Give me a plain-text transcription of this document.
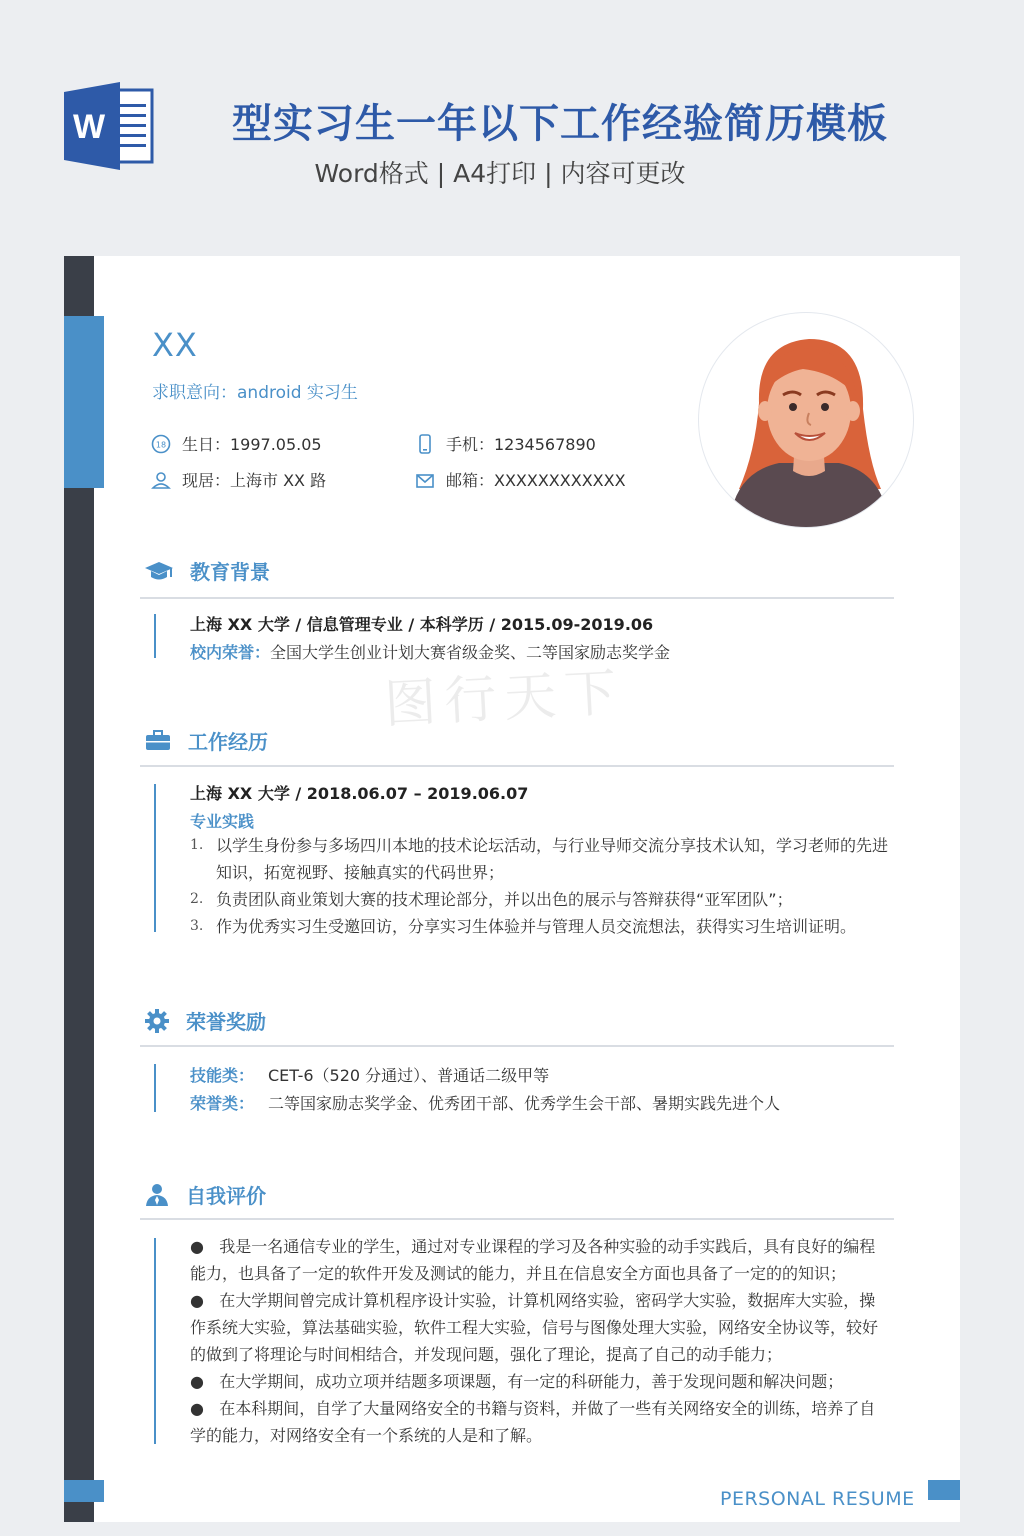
W	型实习生一年以下工作经验简历模板
Word格式 | A4打印 | 内容可更改
图行天下
XX
求职意向：android 实习生
18 生日：1997.05.05	手机：1234567890
现居：上海市 XX 路	邮箱：XXXXXXXXXXXX
教育背景
上海 XX 大学 / 信息管理专业 / 本科学历 / 2015.09-2019.06
校内荣誉：全国大学生创业计划大赛省级金奖、二等国家励志奖学金
工作经历
上海 XX 大学 / 2018.06.07 – 2019.06.07
专业实践
1. 以学生身份参与多场四川本地的技术论坛活动，与行业导师交流分享技术认知，学习老师的先进知识，拓宽视野、接触真实的代码世界；
2. 负责团队商业策划大赛的技术理论部分，并以出色的展示与答辩获得“亚军团队”；
3. 作为优秀实习生受邀回访，分享实习生体验并与管理人员交流想法，获得实习生培训证明。
荣誉奖励
技能类： CET-6（520 分通过）、普通话二级甲等
荣誉类： 二等国家励志奖学金、优秀团干部、优秀学生会干部、暑期实践先进个人
自我评价
● 我是一名通信专业的学生，通过对专业课程的学习及各种实验的动手实践后，具有良好的编程能力，也具备了一定的软件开发及测试的能力，并且在信息安全方面也具备了一定的的知识；
● 在大学期间曾完成计算机程序设计实验，计算机网络实验，密码学大实验，数据库大实验，操作系统大实验，算法基础实验，软件工程大实验，信号与图像处理大实验，网络安全协议等，较好的做到了将理论与时间相结合，并发现问题，强化了理论，提高了自己的动手能力；
● 在大学期间，成功立项并结题多项课题，有一定的科研能力，善于发现问题和解决问题；
● 在本科期间，自学了大量网络安全的书籍与资料，并做了一些有关网络安全的训练，培养了自学的能力，对网络安全有一个系统的人是和了解。
PERSONAL RESUME
